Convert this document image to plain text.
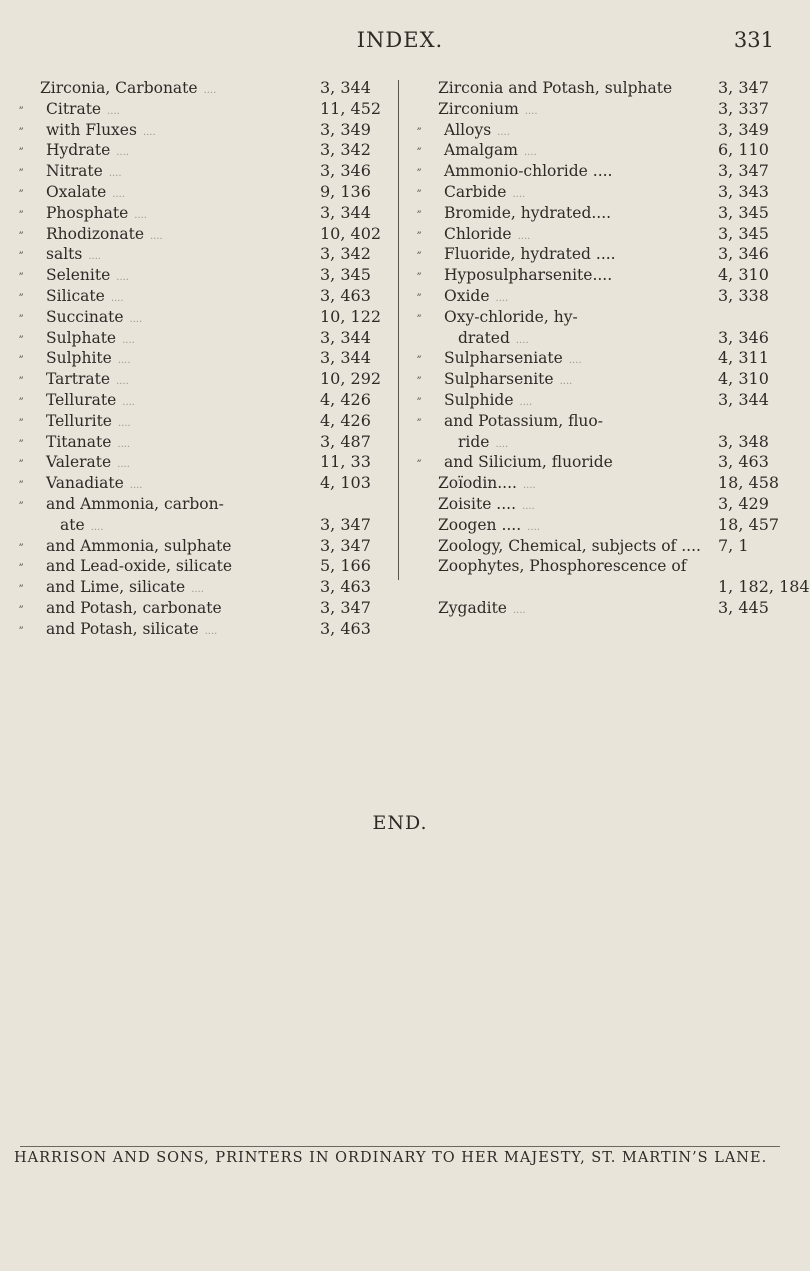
INDEX.	331
Zirconia, Carbonate ....	3, 344
”	Citrate ....	11, 452
”	with Fluxes ....	3, 349
”	Hydrate ....	3, 342
”	Nitrate ....	3, 346
”	Oxalate ....	9, 136
”	Phosphate ....	3, 344
”	Rhodizonate ....	10, 402
”	salts ....	3, 342
”	Selenite ....	3, 345
”	Silicate ....	3, 463
”	Succinate ....	10, 122
”	Sulphate ....	3, 344
”	Sulphite ....	3, 344
”	Tartrate ....	10, 292
”	Tellurate ....	4, 426
”	Tellurite ....	4, 426
”	Titanate ....	3, 487
”	Valerate ....	11, 33
”	Vanadiate ....	4, 103
”	and Ammonia, carbon-
ate ....	3, 347
”	and Ammonia, sulphate	3, 347
”	and Lead-oxide, silicate	5, 166
”	and Lime, silicate ....	3, 463
”	and Potash, carbonate	3, 347
”	and Potash, silicate ....	3, 463
Zirconia and Potash, sulphate	3, 347
Zirconium ....	3, 337
”	Alloys ....	3, 349
”	Amalgam ....	6, 110
”	Ammonio-chloride ....	3, 347
”	Carbide ....	3, 343
”	Bromide, hydrated....	3, 345
”	Chloride ....	3, 345
”	Fluoride, hydrated ....	3, 346
”	Hyposulpharsenite....	4, 310
”	Oxide ....	3, 338
”	Oxy-chloride, hy-
drated ....	3, 346
”	Sulpharseniate ....	4, 311
”	Sulpharsenite ....	4, 310
”	Sulphide ....	3, 344
”	and Potassium, fluo-
ride ....	3, 348
”	and Silicium, fluoride	3, 463
Zoïodin.... ....	18, 458
Zoisite .... ....	3, 429
Zoogen .... ....	18, 457
Zoology, Chemical, subjects of ....	7, 1
Zoophytes, Phosphorescence of
1, 182, 184
Zygadite ....	3, 445
END.
HARRISON AND SONS, PRINTERS IN ORDINARY TO HER MAJESTY, ST. MARTIN’S LANE.
